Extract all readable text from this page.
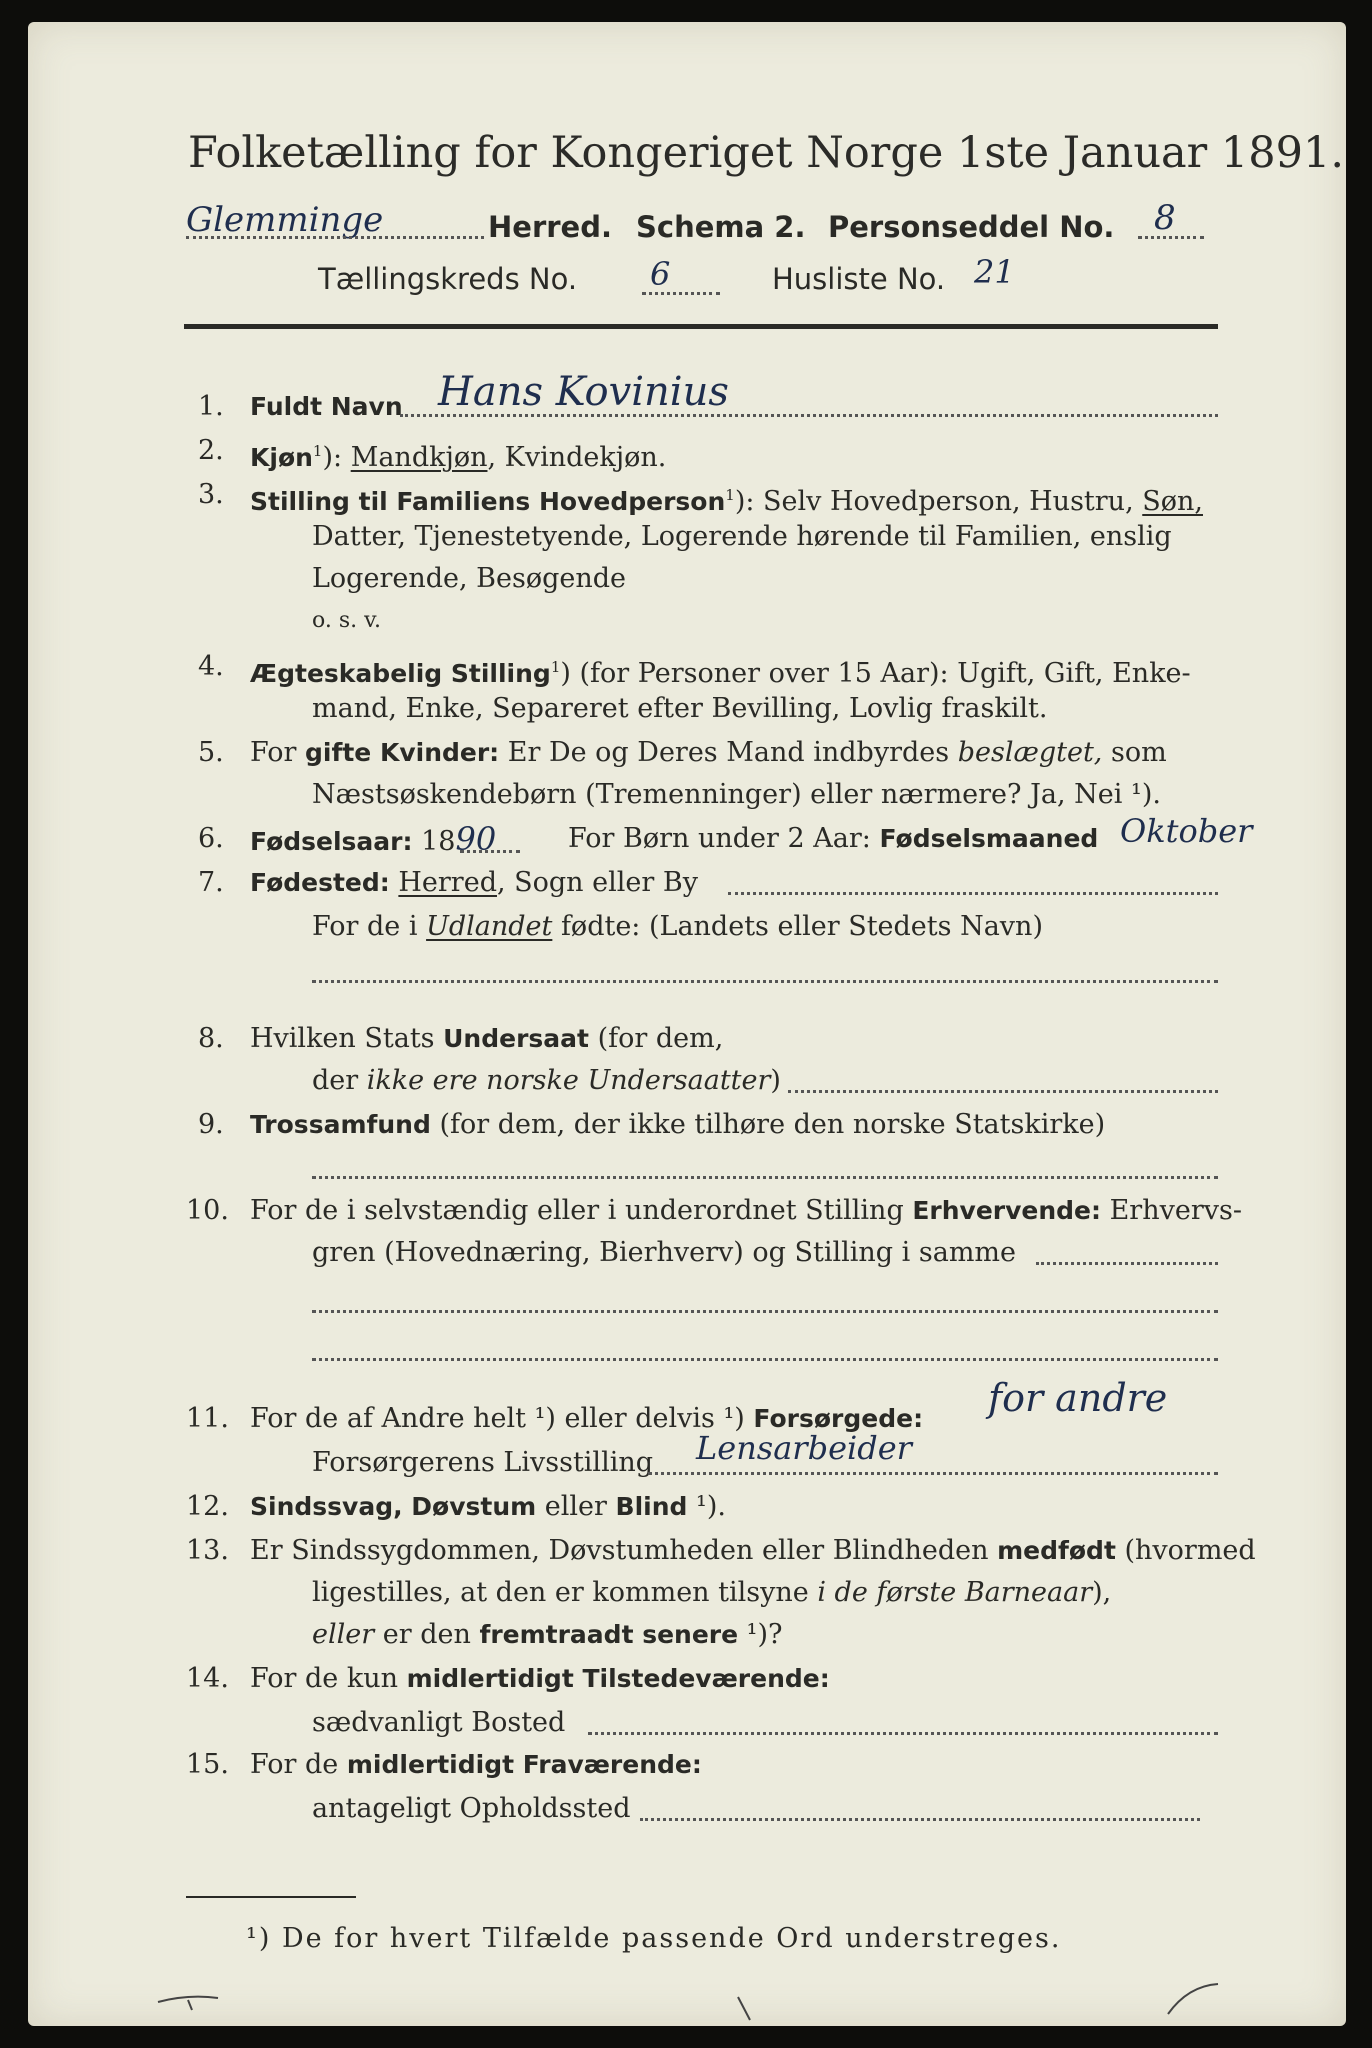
Folketælling for Kongeriget Norge 1ste Januar 1891.
Glemminge	Herred. Schema 2. Personseddel No. 8
Tællingskreds No. 6	Husliste No. 21
1. Fuldt Navn Hans Kovinius
2. Kjøn$^1$): Mandkjøn, Kvindekjøn.
3. Stilling til Familiens Hovedperson$^1$): Selv Hovedperson, Hustru, Søn,
Datter, Tjenestetyende, Logerende hørende til Familien, enslig
Logerende, Besøgende
o. s. v.
4. Ægteskabelig Stilling$^1$) (for Personer over 15 Aar): Ugift, Gift, Enke-
mand, Enke, Separeret efter Bevilling, Lovlig fraskilt.
5. For gifte Kvinder: Er De og Deres Mand indbyrdes beslægtet, som
Næstsøskendebørn (Tremenninger) eller nærmere? Ja, Nei ¹).
6. Fødselsaar: 1890	For Børn under 2 Aar: Fødselsmaaned Oktober
7. Fødested: Herred, Sogn eller By
For de i Udlandet fødte: (Landets eller Stedets Navn)
8. Hvilken Stats Undersaat (for dem,
der ikke ere norske Undersaatter)
9. Trossamfund (for dem, der ikke tilhøre den norske Statskirke)
10. For de i selvstændig eller i underordnet Stilling Erhvervende: Erhvervs-
gren (Hovednæring, Bierhverv) og Stilling i samme
11. For de af Andre helt ¹) eller delvis ¹) Forsørgede: for andre
Forsørgerens Livsstilling Lensarbeider
12. Sindssvag, Døvstum eller Blind ¹).
13. Er Sindssygdommen, Døvstumheden eller Blindheden medfødt (hvormed
ligestilles, at den er kommen tilsyne i de første Barneaar),
eller er den fremtraadt senere ¹)?
14. For de kun midlertidigt Tilstedeværende:
sædvanligt Bosted
15. For de midlertidigt Fraværende:
antageligt Opholdssted
¹) De for hvert Tilfælde passende Ord understreges.
